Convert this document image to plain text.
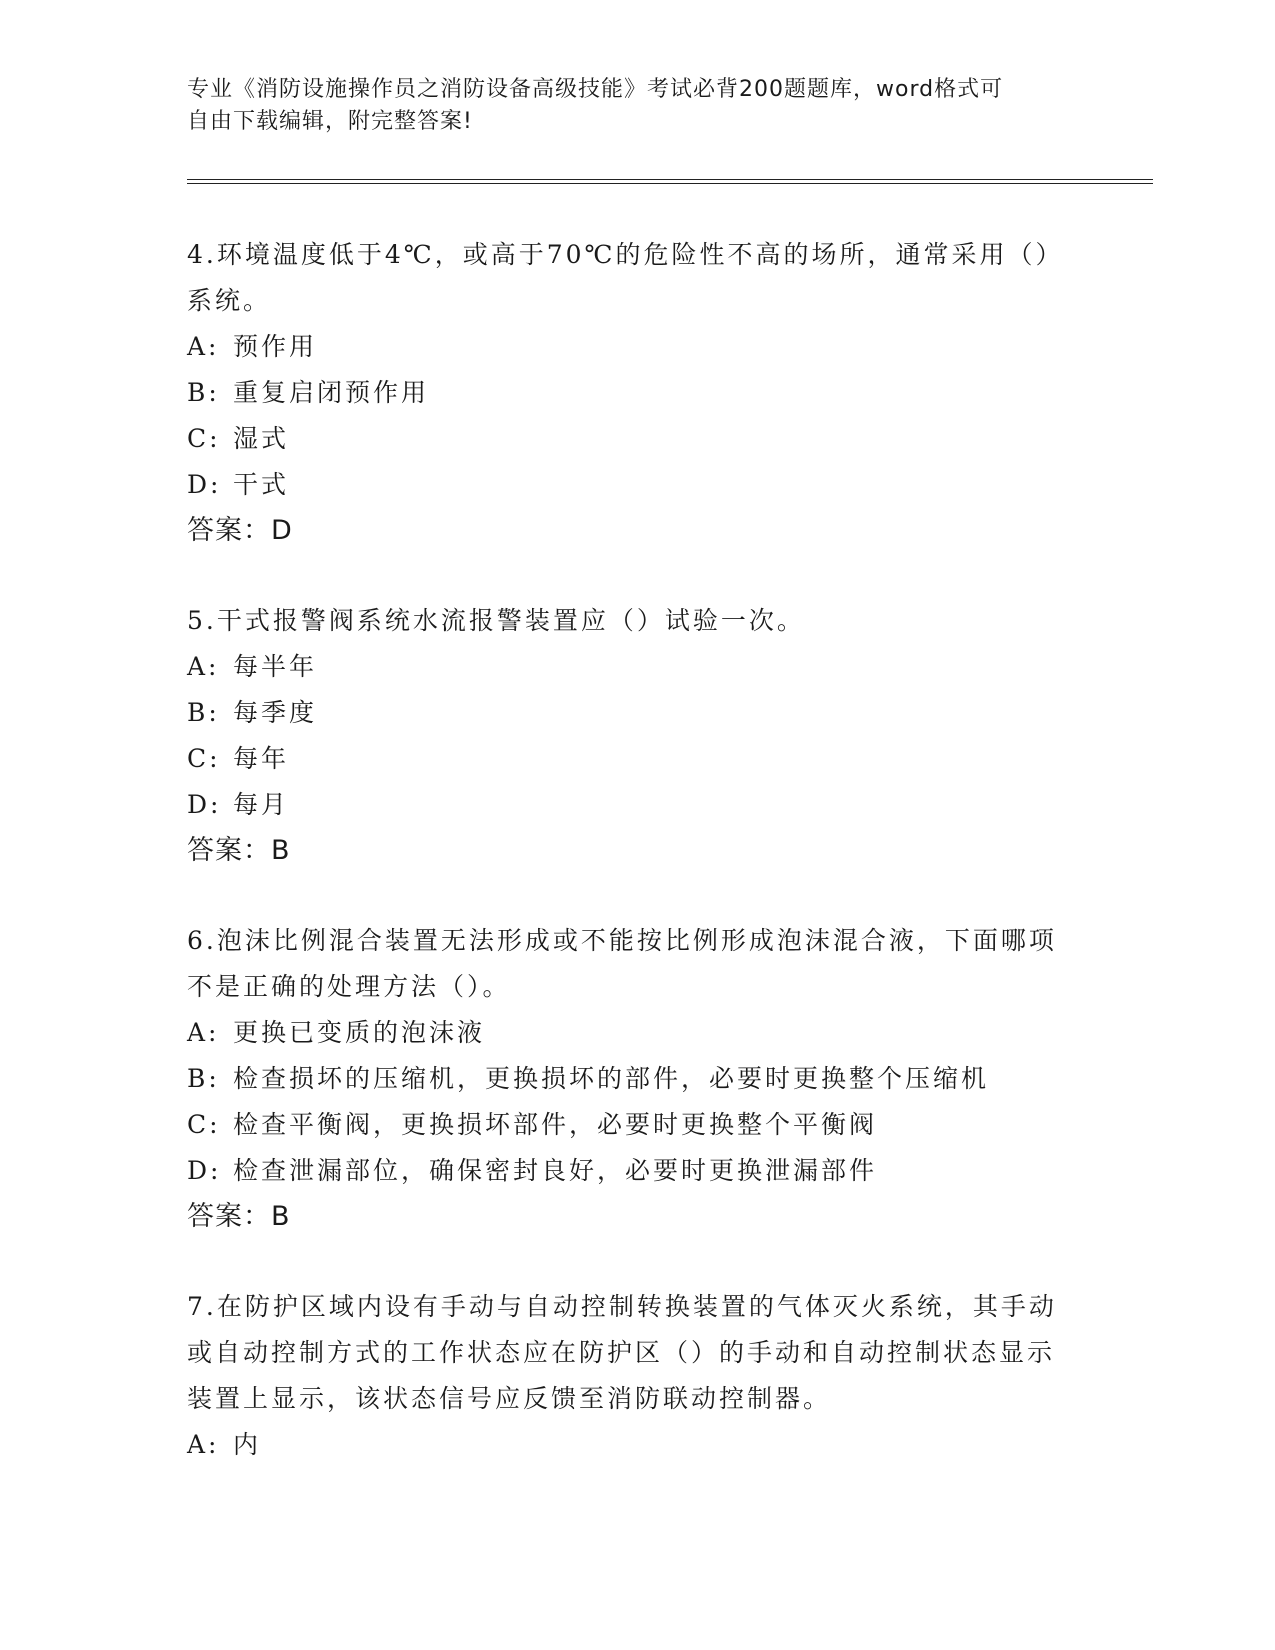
专业《消防设施操作员之消防设备高级技能》考试必背200题题库，word格式可
自由下载编辑，附完整答案!
4.环境温度低于4℃，或高于70℃的危险性不高的场所，通常采用（）系统。
A: 预作用
B: 重复启闭预作用
C: 湿式
D: 干式
答案：D
5.干式报警阀系统水流报警装置应（）试验一次。
A: 每半年
B: 每季度
C: 每年
D: 每月
答案：B
6.泡沫比例混合装置无法形成或不能按比例形成泡沫混合液，下面哪项不是正确的处理方法（）。
A: 更换已变质的泡沫液
B: 检查损坏的压缩机，更换损坏的部件，必要时更换整个压缩机
C: 检查平衡阀，更换损坏部件，必要时更换整个平衡阀
D: 检查泄漏部位，确保密封良好，必要时更换泄漏部件
答案：B
7.在防护区域内设有手动与自动控制转换装置的气体灭火系统，其手动或自动控制方式的工作状态应在防护区（）的手动和自动控制状态显示装置上显示，该状态信号应反馈至消防联动控制器。
A: 内
